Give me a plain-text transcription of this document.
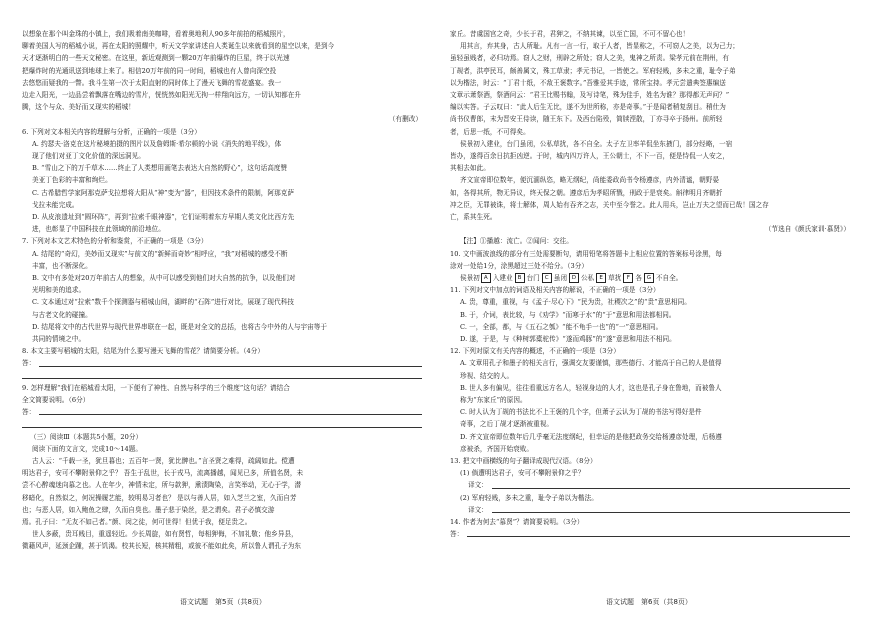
以想象在那个叫金珠的小镇上，我们吸着南美咖啡，看着奥地利人90多年前拍的稻城照片，
聊着美国人写的稻城小说，再在太阳的照耀中，听天文学家讲述自人类诞生以来就看到的星空以来，是到今
天才逐渐明白的一些天文秘密。在这里，新近观测到一颗20万年前爆炸的巨星，终于以光速
把爆炸时的光通讯送到地球上来了。相信20万年前的同一时间，稻城也有人曾向深空投
去悠悠而疑我的一瞥。我斗生第一次于太阳直射的同时体上了漫天飞舞的雪花盛宴。我一
边走入阳光，一边品尝着飘落在嘴边的雪片，恍恍然如阳光无拘一样翔向远方，一切认知都在升
腾，这个与众、美好而又现实的稻城！
（有删改）
6. 下列对文本相关内容的理解与分析，正确的一项是（3分）
A. 约瑟夫·洛克在这片秘境拍摄的图片以及詹姆斯·希尔顿的小说《消失的地平线》，体
现了他们对亚丁文化价值的深远洞见。
B. “雪山之下的万千草木……终止了人类想用画笔去表达大自然的野心”，这句话高度赞
美亚丁色彩的丰富和绚烂。
C. 古希腊哲学家阿那克萨戈拉想将大阳从“神”变为“器”，但因技术条件的限制，阿那克萨
戈拉未能完成。
D. 从皮浪遗址到“圆环阵”，再到“拉索千眼神器”，它们证明着东方早期人类文化比西方先
进，也彰显了中国科技在此领域的前沿地位。
7. 下列对本文艺术特色的分析和鉴赏，不正确的一项是（3分）
A. 结尾的“奇幻，美妙而又现实”与前文的“新鲜而奇妙”相呼应，“我”对稻城的感受不断
丰富，也不断深化。
B. 文中有多处对20万年前古人的想象，从中可以感受到他们对大自然的抗争，以及他们对
光明和美的追求。
C. 文本通过对“拉索”数千个探测器与稻城山间，湖畔的“石阵”进行对比，展现了现代科技
与古老文化的碰撞。
D. 结尾将文中的古代世界与现代世界串联在一起，既是对全文的总括，也将古今中外的人与宇宙等于
共同的情境之中。
8. 本文主要写稻城的太阳，结尾为什么要写漫天飞舞的雪花？请简要分析。（4分）
答：
9. 怎样理解“我们在稻城看太阳，一下便有了神性、自然与科学的三个维度”这句话？请结合
全文简要说明。（6分）
答：
（三）阅读Ⅲ（本题共5小题，20分）
阅读下面的文言文，完成10～14题。
古人云：“千载一圣，犹旦暮也；五百年一贤，犹比髀也。”言圣贤之难得，疏阔如此。傥遭
明达君子，安可不攀附景仰之乎？ 吾生于乱世，长于戎马，流离播越，闻见已多，所值名贤，未
尝不心醉魂迷向慕之也。人在年少，神情未定，所与款狎，熏渍陶染，言笑举动，无心于学，潜
移暗化，自然似之，何况操履艺能，较明易习者也？ 是以与善人居，如入芝兰之室，久而自芳
也；与恶人居，如入鲍鱼之肆，久而自臭也。墨子悲于染丝，是之谓矣。君子必慎交游
焉。孔子曰：“无友不如己者。”颜、闵之徒，何可世得！但优于我，便足贵之。
世人多蔽，贵耳贱目，重遥轻近。少长周旋，如有贤哲，每相狎侮，不加礼敬；他乡异县，
微藉风声，延颈企踵，甚于饥渴。校其长短，核其精粗，或彼不能如此矣，所以鲁人谓孔子为东
家丘。昔虞国宫之奇，少长于君，君狎之，不纳其谏，以至亡国，不可不留心也！
用其言，弃其身，古人所耻。凡有一言一行，取于人者，皆显称之，不可窃人之美，以为己力；
虽轻虽贱者，必归功焉。窃人之财，刑辟之所处；窃人之美，鬼神之所责。梁孝元前在荆州，有
丁觇者，洪亭民耳，颇善属文，殊工草隶；孝元书记，一皆使之。军府轻贱，多未之重，耻令子弟
以为楷法，时云：“丁君十纸，不敌王褒数字。”吾雅爱其手迹，常所宝持。孝元尝遣典签惠编送
文章示萧祭酒，祭酒问云：“君王比赐书翰，及写诗笔，殊为佳手，姓名为谁？那得都无声问？”
编以实答。子云叹曰：“此人后生无比，遂不为世所称，亦是奇事。”于是闻者稍复刮目。稍仕为
尚书仪曹郎，末为晋安王侍读，随王东下。及西台陷殁，简牍湮散，丁亦寻卒于扬州。前所轻
者，后思一纸，不可得矣。
侯景初入建业，台门虽闭，公私草扰，各不自全。太子左卫率羊侃坐东掖门，部分经略，一宿
皆办，遂得百余日抗拒凶逆。于时，城内四万许人，王公朝士，不下一百，便是恃侃一人安之，
其相去如此。
齐文宣帝即位数年，便沉湎纵恣，略无纲纪，尚能委政尚书令杨遵彦，内外清谧，朝野晏
如，各得其所，物无异议，终天保之朝。遵彦后为孝昭所戮，刑政于是衰矣。斛律明月齐朝折
冲之臣，无罪被诛，将士解体，周人始有吞齐之志，关中至今誉之。此人用兵，岂止万夫之望而已哉！国之存
亡，系其生死。
（节选自《颜氏家训·慕贤》）
【注】①播越：流亡。②闻问：交往。
10. 文中画波浪线的部分有三处需要断句，请用铅笔将答题卡上相应位置的答案标号涂黑，每
涂对一处给1分，涂黑超过三处不给分。（3分）
侯景初 A 入建业 B 台门 C 虽闭 D 公私 E 草扰 F 各 G 不自全。
11. 下列对文中加点的词语及相关内容的解说，不正确的一项是（3分）
A. 贵，尊重，重视，与《孟子·尽心下》“民为贵，社稷次之”的“贵”意思相同。
B. 于，介词，表比较，与《劝学》“而寒于水”的“于”意思和用法都相同。
C. 一，全部，都，与《五石之瓠》“能不龟手一也”的“一”意思相同。
D. 遂，于是，与《种树郭橐驼传》“遂而鸡豚”的“遂”意思和用法不相同。
12. 下列对原文有关内容的概述，不正确的一项是（3分）
A. 文章用孔子和墨子的相关言行，强调交友要谨慎，那些德行、才能高于自己的人是值得
珍视、结交的人。
B. 世人多有偏见，往往看重远方名人，轻视身边的人才，这也是孔子身在鲁地，而被鲁人
称为“东家丘”的原因。
C. 时人认为丁觇的书法比不上王褒的几个字，但萧子云认为丁觇的书法写得好是件
奇事，之后丁觇才逐渐被重视。
D. 齐文宣帝即位数年后几乎毫无法度纲纪，但幸运的是他把政务交给杨遵彦处理，后杨遵
彦被杀，齐国开始衰败。
13. 把文中画横线的句子翻译成现代汉语。（8分）
(1) 倘遭明达君子，安可不攀附景仰之乎？
译文：
(2) 军府轻贱，多未之重，耻令子弟以为楷法。
译文：
14. 作者为何去“慕贤”？请简要说明。（3分）
答：
语文试题　第5页（共8页）	语文试题　第6页（共8页）
